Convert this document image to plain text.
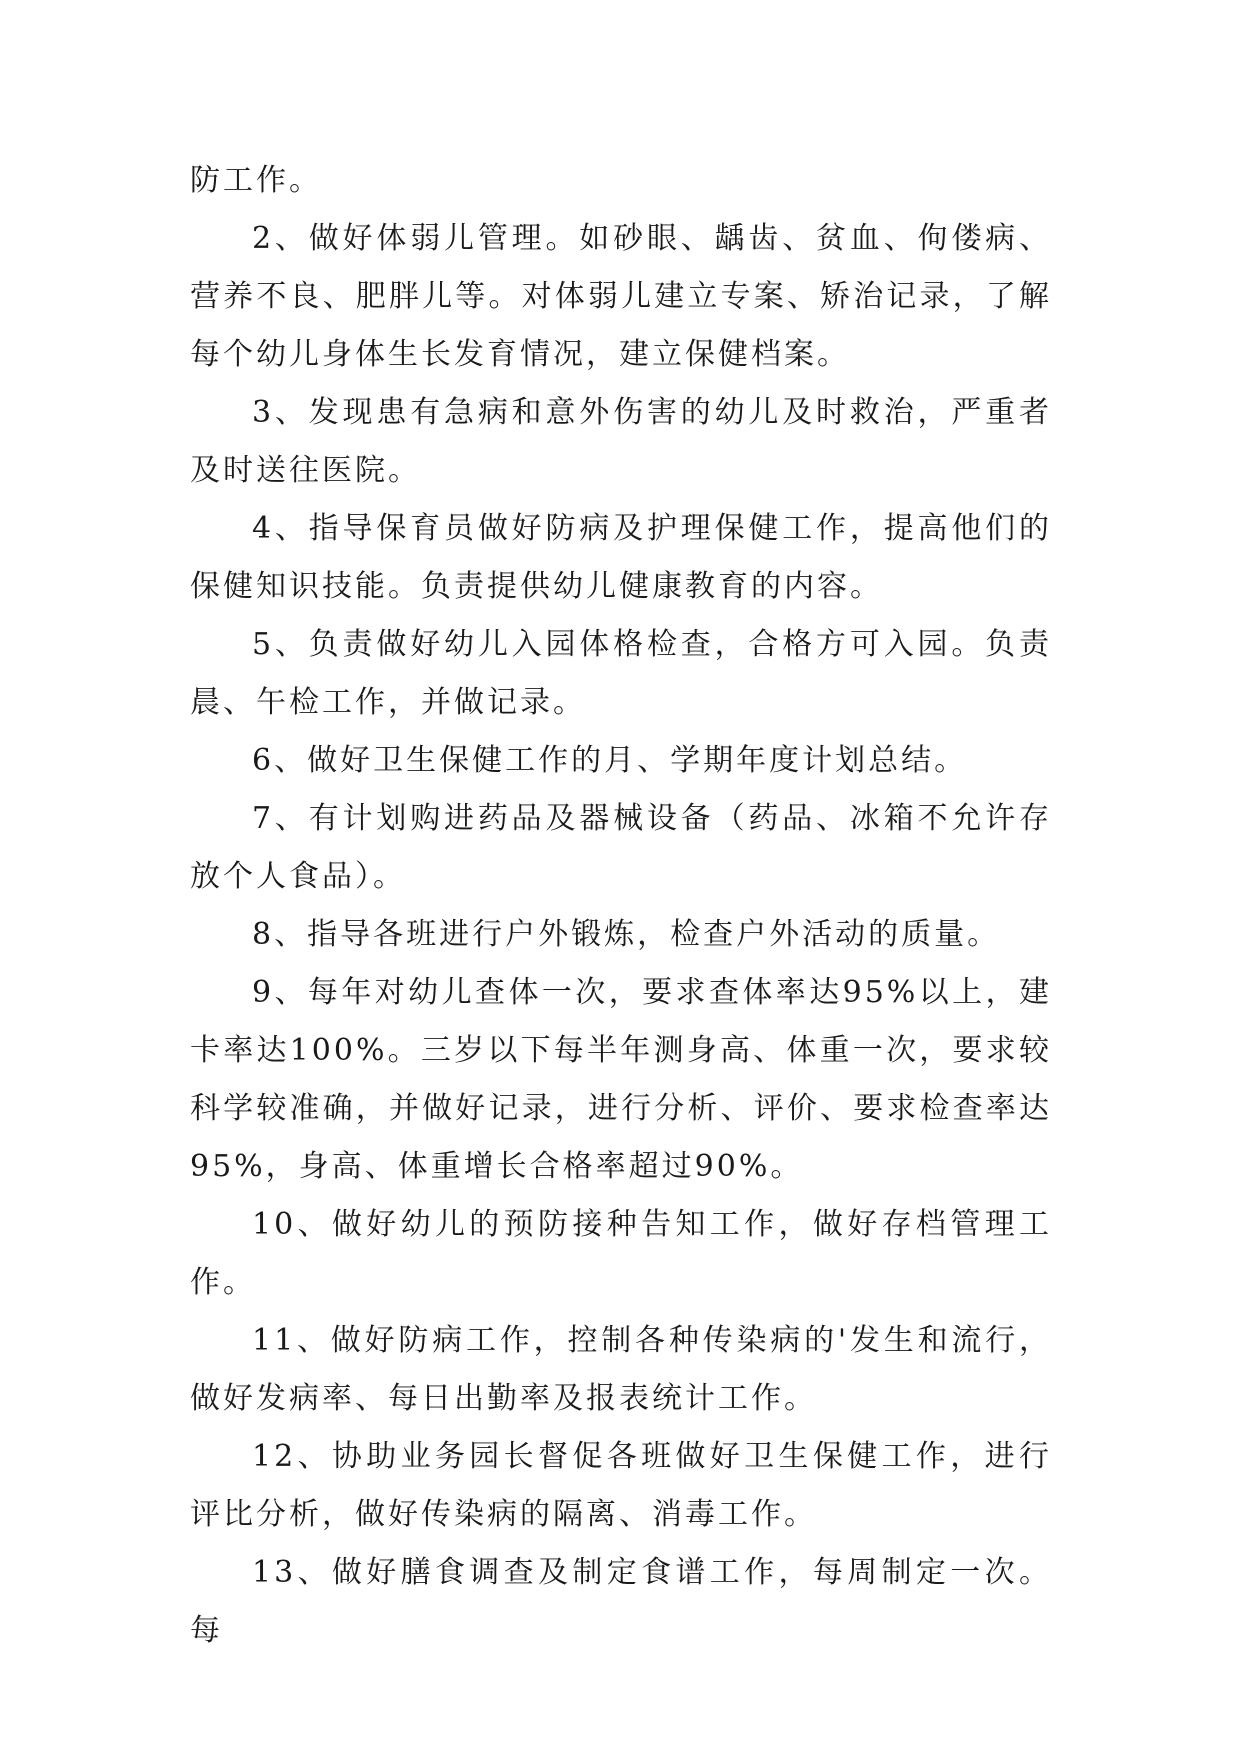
防工作。

2、做好体弱儿管理。如砂眼、龋齿、贫血、佝偻病、营养不良、肥胖儿等。对体弱儿建立专案、矫治记录，了解每个幼儿身体生长发育情况，建立保健档案。

3、发现患有急病和意外伤害的幼儿及时救治，严重者及时送往医院。

4、指导保育员做好防病及护理保健工作，提高他们的保健知识技能。负责提供幼儿健康教育的内容。

5、负责做好幼儿入园体格检查，合格方可入园。负责晨、午检工作，并做记录。

6、做好卫生保健工作的月、学期年度计划总结。

7、有计划购进药品及器械设备（药品、冰箱不允许存放个人食品）。

8、指导各班进行户外锻炼，检查户外活动的质量。

9、每年对幼儿查体一次，要求查体率达95%以上，建卡率达100%。三岁以下每半年测身高、体重一次，要求较科学较准确，并做好记录，进行分析、评价、要求检查率达95%，身高、体重增长合格率超过90%。

10、做好幼儿的预防接种告知工作，做好存档管理工作。

11、做好防病工作，控制各种传染病的'发生和流行，做好发病率、每日出勤率及报表统计工作。

12、协助业务园长督促各班做好卫生保健工作，进行评比分析，做好传染病的隔离、消毒工作。

13、做好膳食调查及制定食谱工作，每周制定一次。每
